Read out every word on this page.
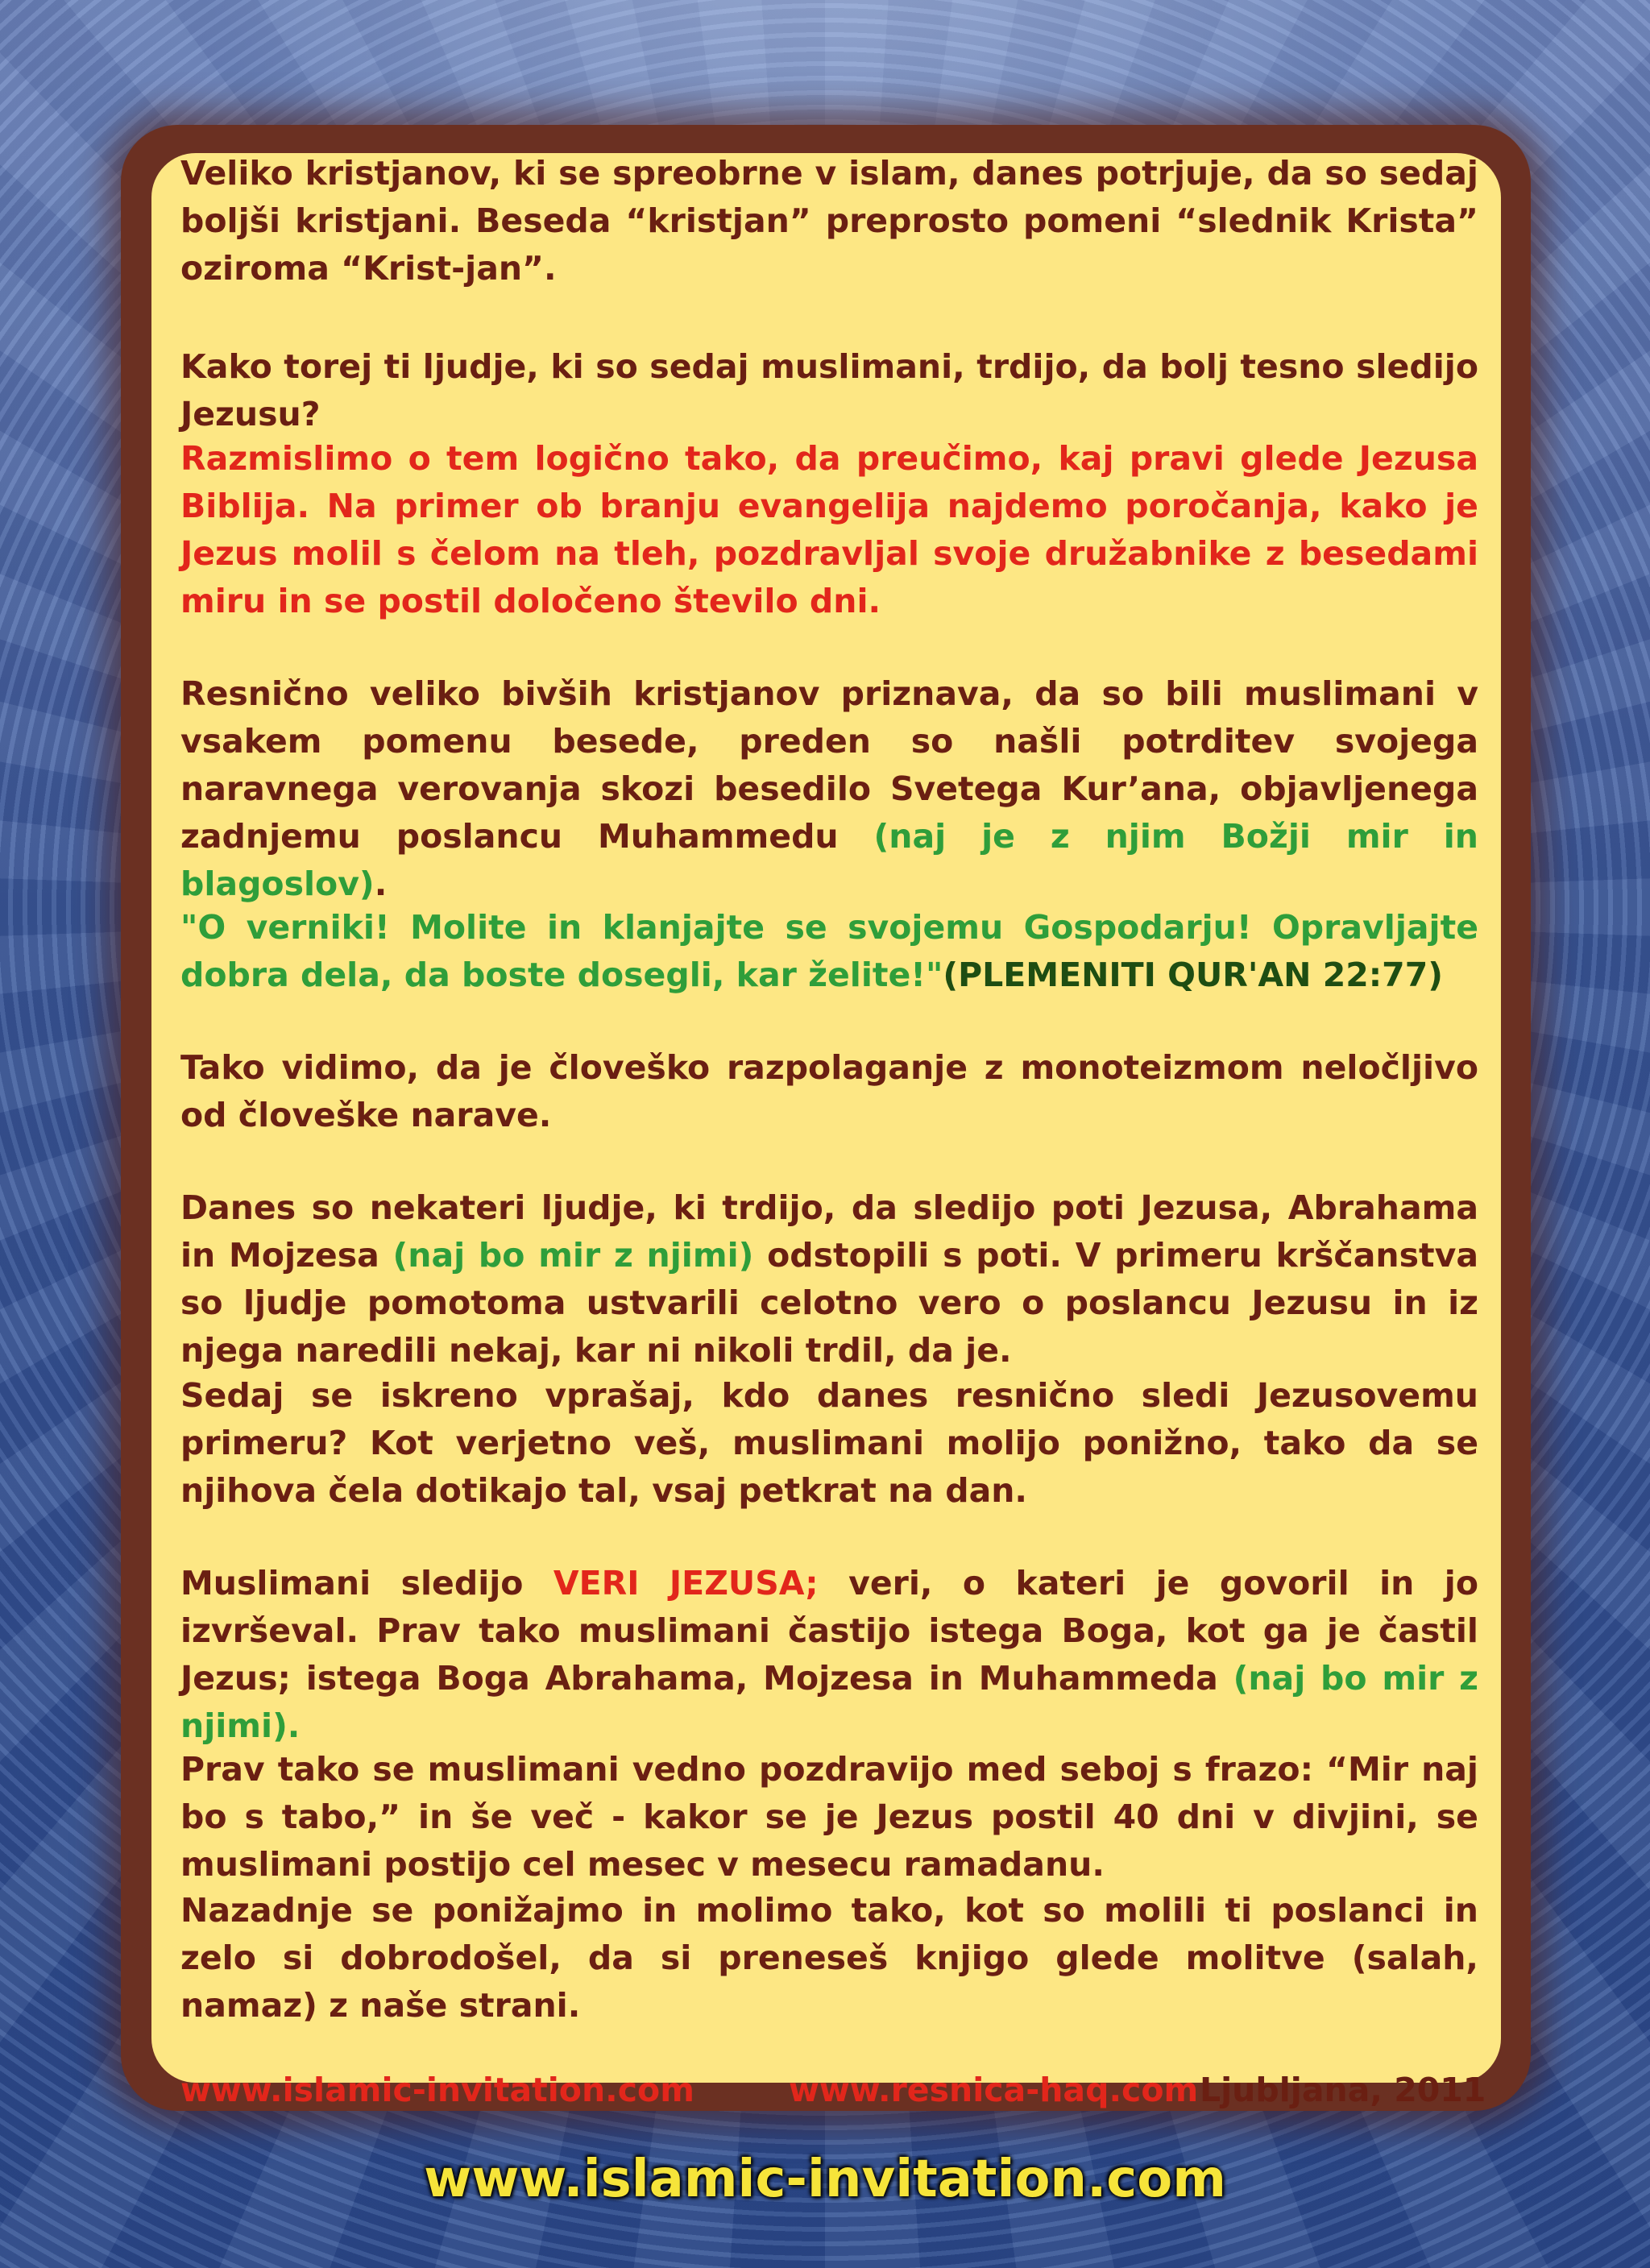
Veliko kristjanov, ki se spreobrne v islam, danes potrjuje, da so sedaj boljši kristjani. Beseda “kristjan” preprosto pomeni “slednik Krista” oziroma “Krist-jan”.

Kako torej ti ljudje, ki so sedaj muslimani, trdijo, da bolj tesno sledijo Jezusu?

Razmislimo o tem logično tako, da preučimo, kaj pravi glede Jezusa Biblija. Na primer ob branju evangelija najdemo poročanja, kako je Jezus molil s čelom na tleh, pozdravljal svoje družabnike z besedami miru in se postil določeno število dni.

Resnično veliko bivših kristjanov priznava, da so bili muslimani v vsakem pomenu besede, preden so našli potrditev svojega naravnega verovanja skozi besedilo Svetega Kur’ana, objavljenega zadnjemu poslancu Muhammedu (naj je z njim Božji mir in blagoslov).

"O verniki! Molite in klanjajte se svojemu Gospodarju! Opravljajte dobra dela, da boste dosegli, kar želite!"(PLEMENITI QUR'AN 22:77)

Tako vidimo, da je človeško razpolaganje z monoteizmom neločljivo od človeške narave.

Danes so nekateri ljudje, ki trdijo, da sledijo poti Jezusa, Abrahama in Mojzesa (naj bo mir z njimi) odstopili s poti. V primeru krščanstva so ljudje pomotoma ustvarili celotno vero o poslancu Jezusu in iz njega naredili nekaj, kar ni nikoli trdil, da je.

Sedaj se iskreno vprašaj, kdo danes resnično sledi Jezusovemu primeru? Kot verjetno veš, muslimani molijo ponižno, tako da se njihova čela dotikajo tal, vsaj petkrat na dan.

Muslimani sledijo VERI JEZUSA; veri, o kateri je govoril in jo izvrševal. Prav tako muslimani častijo istega Boga, kot ga je častil Jezus; istega Boga Abrahama, Mojzesa in Muhammeda (naj bo mir z njimi).

Prav tako se muslimani vedno pozdravijo med seboj s frazo: “Mir naj bo s tabo,” in še več - kakor se je Jezus postil 40 dni v divjini, se muslimani postijo cel mesec v mesecu ramadanu.

Nazadnje se ponižajmo in molimo tako, kot so molili ti poslanci in zelo si dobrodošel, da si preneseš knjigo glede molitve (salah, namaz) z naše strani.

www.islamic-invitation.com	www.resnica-haq.com Ljubljana, 2011
www.islamic-invitation.com
